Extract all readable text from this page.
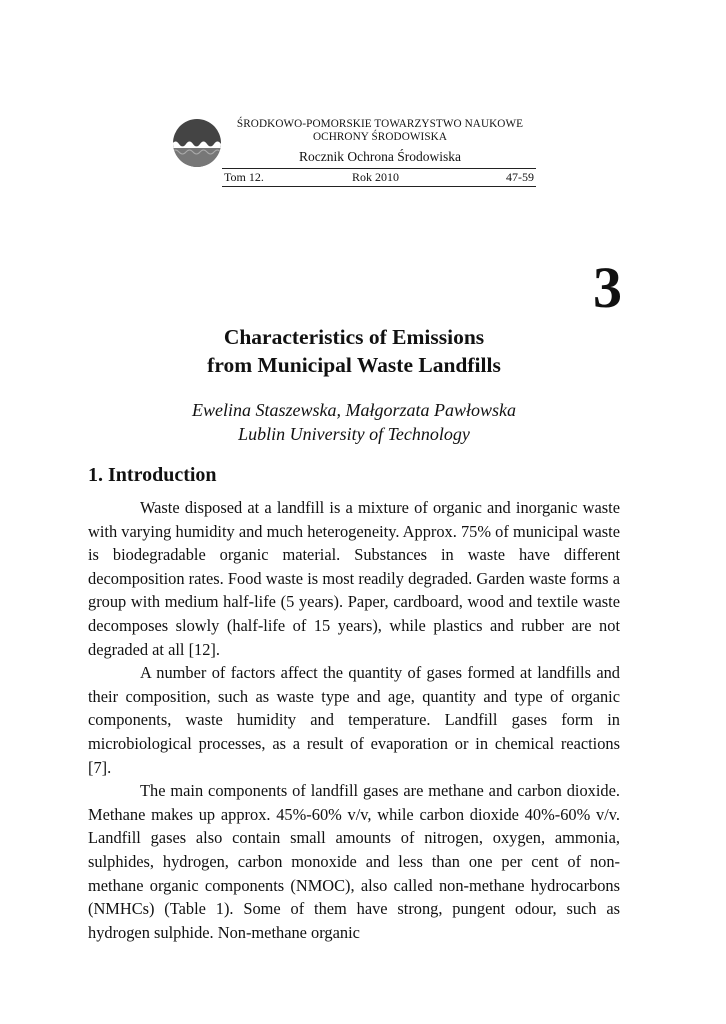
ŚRODKOWO-POMORSKIE TOWARZYSTWO NAUKOWE
OCHRONY ŚRODOWISKA
Rocznik Ochrona Środowiska
Tom 12.	Rok 2010	47-59
3
Characteristics of Emissions
from Municipal Waste Landfills
Ewelina Staszewska, Małgorzata Pawłowska
Lublin University of Technology
1. Introduction

Waste disposed at a landfill is a mixture of organic and inorganic waste with varying humidity and much heterogeneity. Approx. 75% of municipal waste is biodegradable organic material. Substances in waste have different decomposition rates. Food waste is most readily degraded. Garden waste forms a group with medium half-life (5 years). Paper, cardboard, wood and textile waste decomposes slowly (half-life of 15 years), while plastics and rubber are not degraded at all [12].

A number of factors affect the quantity of gases formed at landfills and their composition, such as waste type and age, quantity and type of organic components, waste humidity and temperature. Landfill gases form in microbiological processes, as a result of evaporation or in chemical reactions [7].

The main components of landfill gases are methane and carbon dioxide. Methane makes up approx. 45%-60% v/v, while carbon dioxide 40%-60% v/v. Landfill gases also contain small amounts of nitrogen, oxygen, ammonia, sulphides, hydrogen, carbon monoxide and less than one per cent of non-methane organic components (NMOC), also called non-methane hydrocarbons (NMHCs) (Table 1). Some of them have strong, pungent odour, such as hydrogen sulphide. Non-methane organic
